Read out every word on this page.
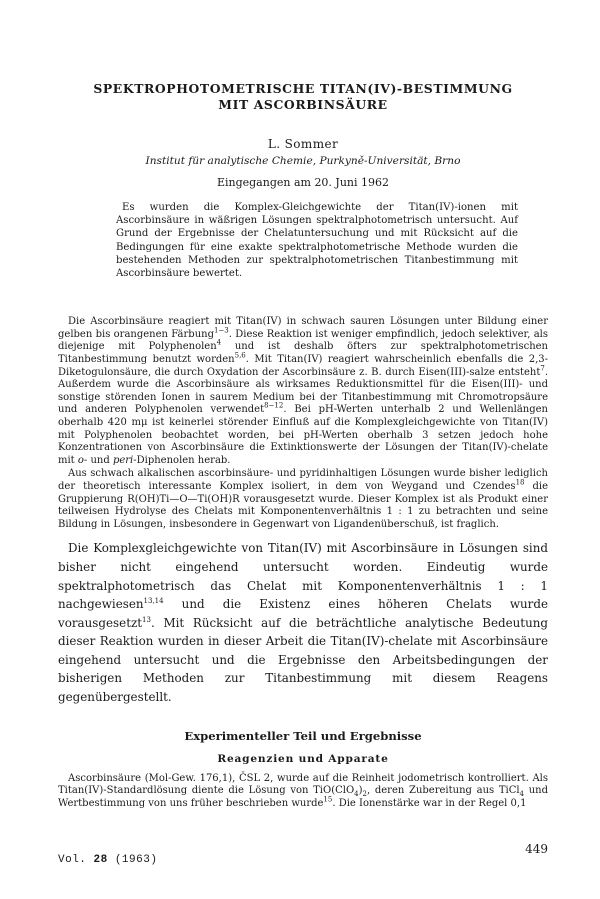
SPEKTROPHOTOMETRISCHE TITAN(IV)-BESTIMMUNG
MIT ASCORBINSÄURE
L. Sommer
Institut für analytische Chemie, Purkyně-Universität, Brno
Eingegangen am 20. Juni 1962

Es wurden die Komplex-Gleichgewichte der Titan(IV)-ionen mit Ascorbinsäure in wäßrigen Lösungen spektralphotometrisch untersucht. Auf Grund der Ergebnisse der Chelatuntersuchung und mit Rücksicht auf die Bedingungen für eine exakte spektralphotometrische Methode wurden die bestehenden Methoden zur spektralphotometrischen Titanbestimmung mit Ascorbinsäure bewertet.

Die Ascorbinsäure reagiert mit Titan(IV) in schwach sauren Lösungen unter Bildung einer gelben bis orangenen Färbung$^{1-3}$. Diese Reaktion ist weniger empfindlich, jedoch selektiver, als diejenige mit Polyphenolen$^4$ und ist deshalb öfters zur spektralphotometrischen Titanbestimmung benutzt worden$^{5,6}$. Mit Titan(IV) reagiert wahrscheinlich ebenfalls die 2,3-Diketogulonsäure, die durch Oxydation der Ascorbinsäure z. B. durch Eisen(III)-salze entsteht$^7$. Außerdem wurde die Ascorbinsäure als wirksames Reduktionsmittel für die Eisen(III)- und sonstige störenden Ionen in saurem Medium bei der Titanbestimmung mit Chromotropsäure und anderen Polyphenolen verwendet$^{8-12}$. Bei pH-Werten unterhalb 2 und Wellenlängen oberhalb 420 mμ ist keinerlei störender Einfluß auf die Komplexgleichgewichte von Titan(IV) mit Polyphenolen beobachtet worden, bei pH-Werten oberhalb 3 setzen jedoch hohe Konzentrationen von Ascorbinsäure die Extinktionswerte der Lösungen der Titan(IV)-chelate mit o- und peri-Diphenolen herab.

Aus schwach alkalischen ascorbinsäure- und pyridinhaltigen Lösungen wurde bisher lediglich der theoretisch interessante Komplex isoliert, in dem von Weygand und Czendes$^{18}$ die Gruppierung R(OH)Ti—O—Ti(OH)R vorausgesetzt wurde. Dieser Komplex ist als Produkt einer teilweisen Hydrolyse des Chelats mit Komponentenverhältnis 1 : 1 zu betrachten und seine Bildung in Lösungen, insbesondere in Gegenwart von Ligandenüberschuß, ist fraglich.

Die Komplexgleichgewichte von Titan(IV) mit Ascorbinsäure in Lösungen sind bisher nicht eingehend untersucht worden. Eindeutig wurde spektralphotometrisch das Chelat mit Komponentenverhältnis 1 : 1 nachgewiesen$^{13,14}$ und die Existenz eines höheren Chelats wurde vorausgesetzt$^{13}$. Mit Rücksicht auf die beträchtliche analytische Bedeutung dieser Reaktion wurden in dieser Arbeit die Titan(IV)-chelate mit Ascorbinsäure eingehend untersucht und die Ergebnisse den Arbeitsbedingungen der bisherigen Methoden zur Titanbestimmung mit diesem Reagens gegenübergestellt.

Experimenteller Teil und Ergebnisse
Reagenzien und Apparate

Ascorbinsäure (Mol-Gew. 176,1), ČSL 2, wurde auf die Reinheit jodometrisch kontrolliert. Als Titan(IV)-Standardlösung diente die Lösung von $TiO(ClO_4)_2$, deren Zubereitung aus TiCl$_4$ und Wertbestimmung von uns früher beschrieben wurde$^{15}$. Die Ionenstärke war in der Regel 0,1

Vol. 28 (1963)
449
